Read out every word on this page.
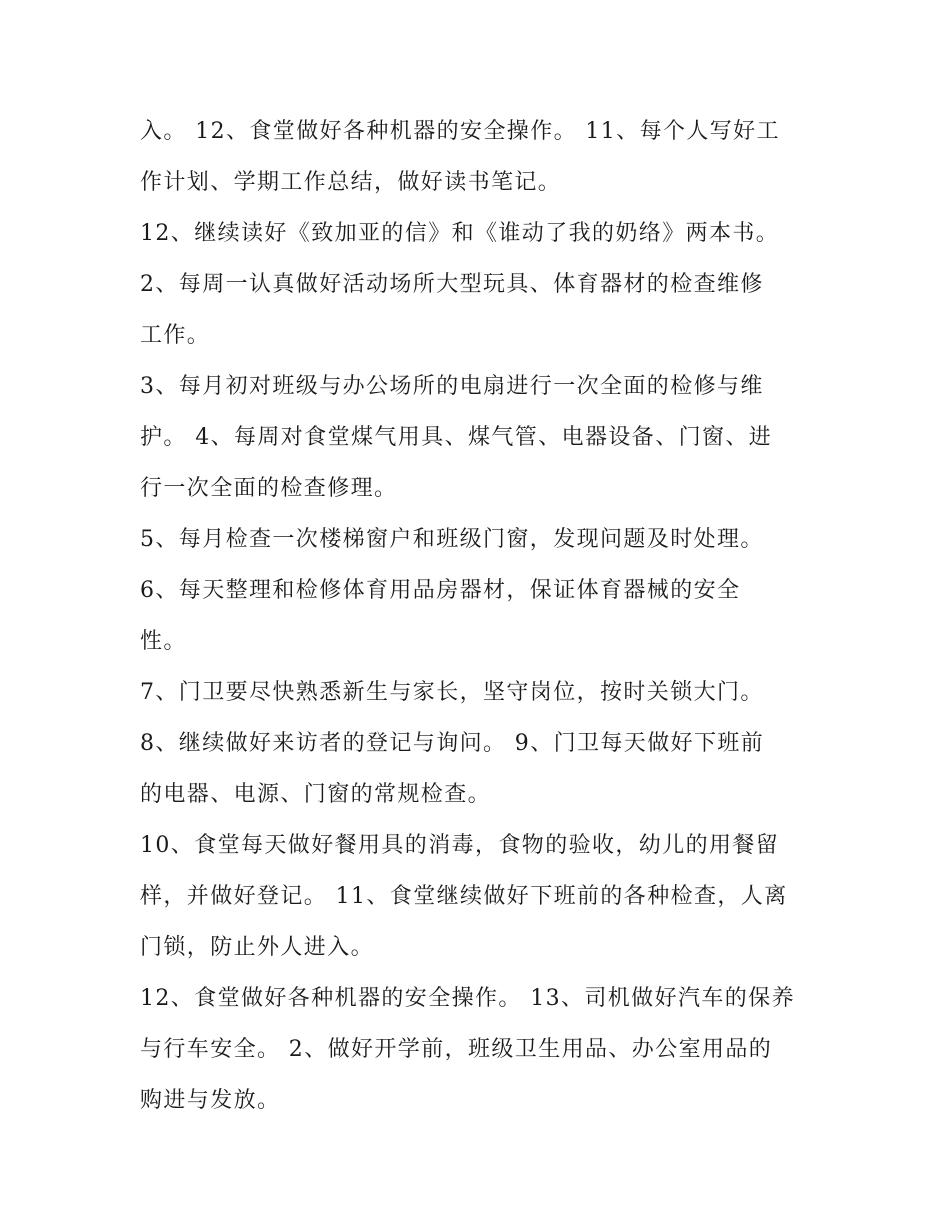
入。 12、食堂做好各种机器的安全操作。 11、每个人写好工
作计划、学期工作总结，做好读书笔记。
12、继续读好《致加亚的信》和《谁动了我的奶络》两本书。
2、每周一认真做好活动场所大型玩具、体育器材的检查维修
工作。
3、每月初对班级与办公场所的电扇进行一次全面的检修与维
护。 4、每周对食堂煤气用具、煤气管、电器设备、门窗、进
行一次全面的检查修理。
5、每月检查一次楼梯窗户和班级门窗，发现问题及时处理。
6、每天整理和检修体育用品房器材，保证体育器械的安全
性。
7、门卫要尽快熟悉新生与家长，坚守岗位，按时关锁大门。
8、继续做好来访者的登记与询问。 9、门卫每天做好下班前
的电器、电源、门窗的常规检查。
10、食堂每天做好餐用具的消毒，食物的验收，幼儿的用餐留
样，并做好登记。 11、食堂继续做好下班前的各种检查，人离
门锁，防止外人进入。
12、食堂做好各种机器的安全操作。 13、司机做好汽车的保养
与行车安全。 2、做好开学前，班级卫生用品、办公室用品的
购进与发放。
